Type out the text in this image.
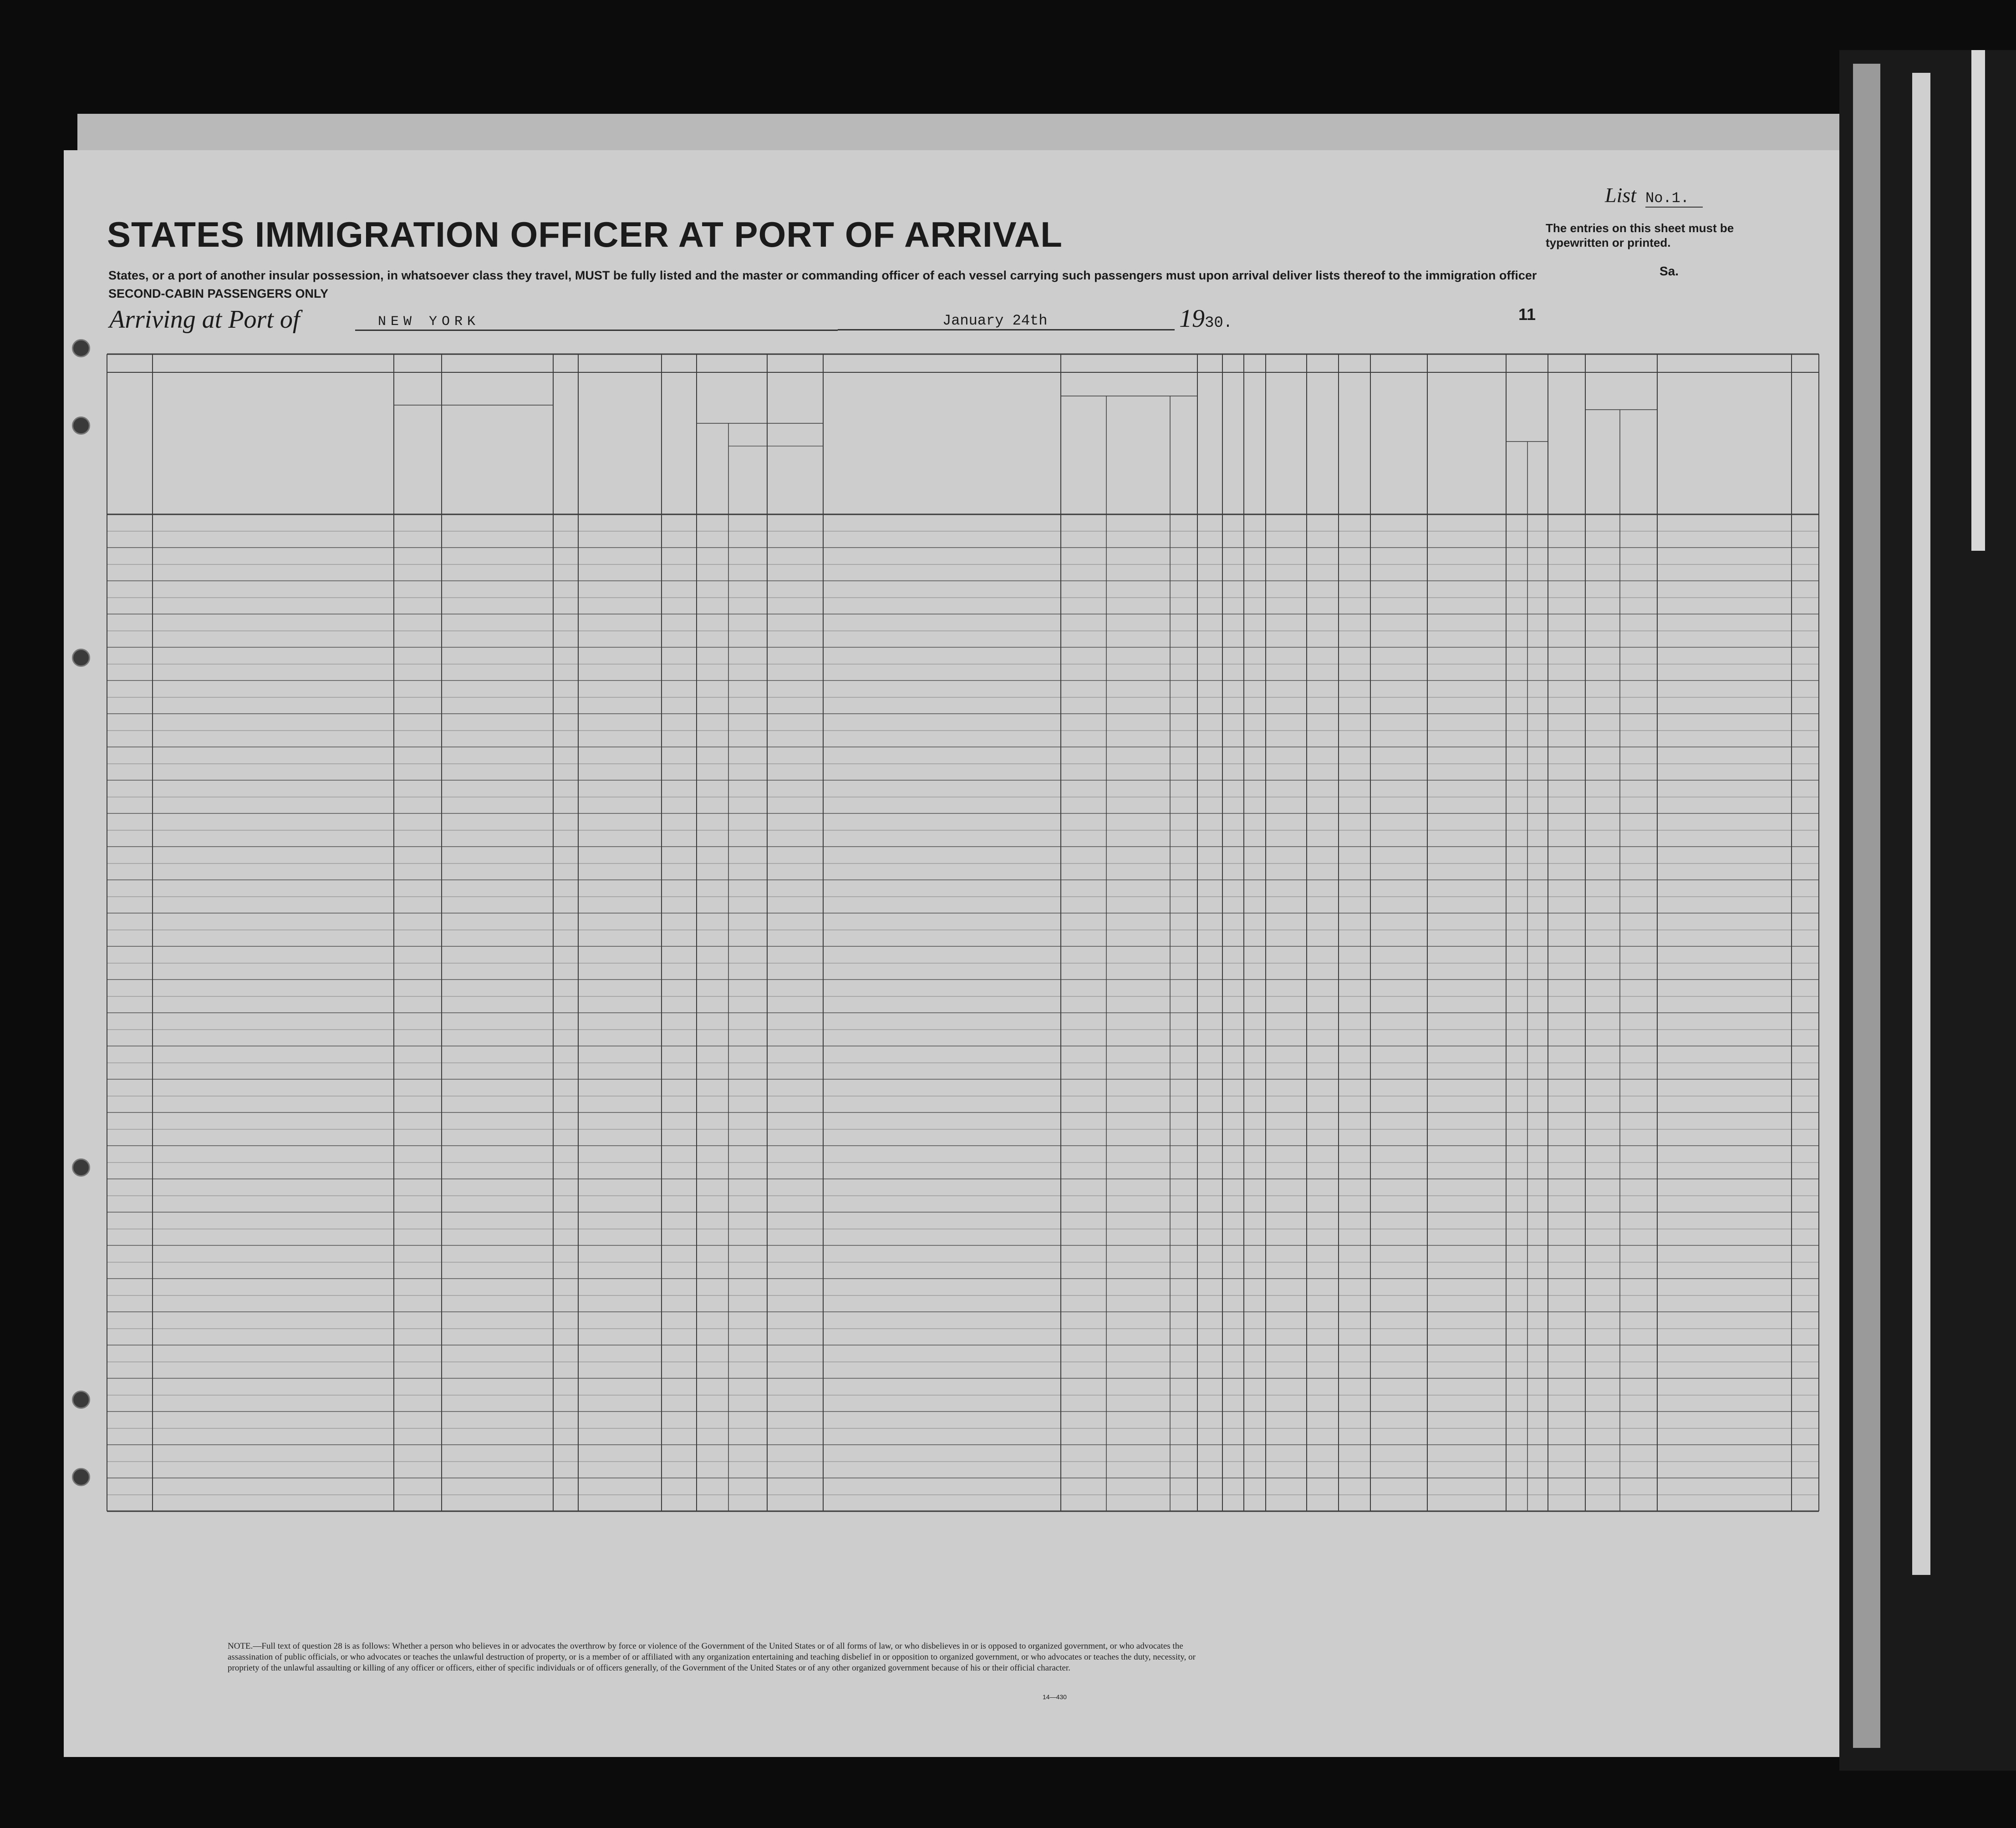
STATES IMMIGRATION OFFICER AT PORT OF ARRIVAL
States, or a port of another insular possession, in whatsoever class they travel, MUST be fully listed and the master or commanding officer of each vessel carrying such passengers must upon arrival deliver lists thereof to the immigration officer
SECOND-CABIN PASSENGERS ONLY
List No.1.
The entries on this sheet must be typewritten or printed.
Sa.
Arriving at Port of	NEW YORK	January 24th	1930.	11
NOTE.—Full text of question 28 is as follows: Whether a person who believes in or advocates the overthrow by force or violence of the Government of the United States or of all forms of law, or who disbelieves in or is opposed to organized government, or who advocates the assassination of public officials, or who advocates or teaches the unlawful destruction of property, or is a member of or affiliated with any organization entertaining and teaching disbelief in or opposition to organized government, or who advocates or teaches the duty, necessity, or propriety of the unlawful assaulting or killing of any officer or officers, either of specific individuals or of officers generally, of the Government of the United States or of any other organized government because of his or their official character.
14—430
